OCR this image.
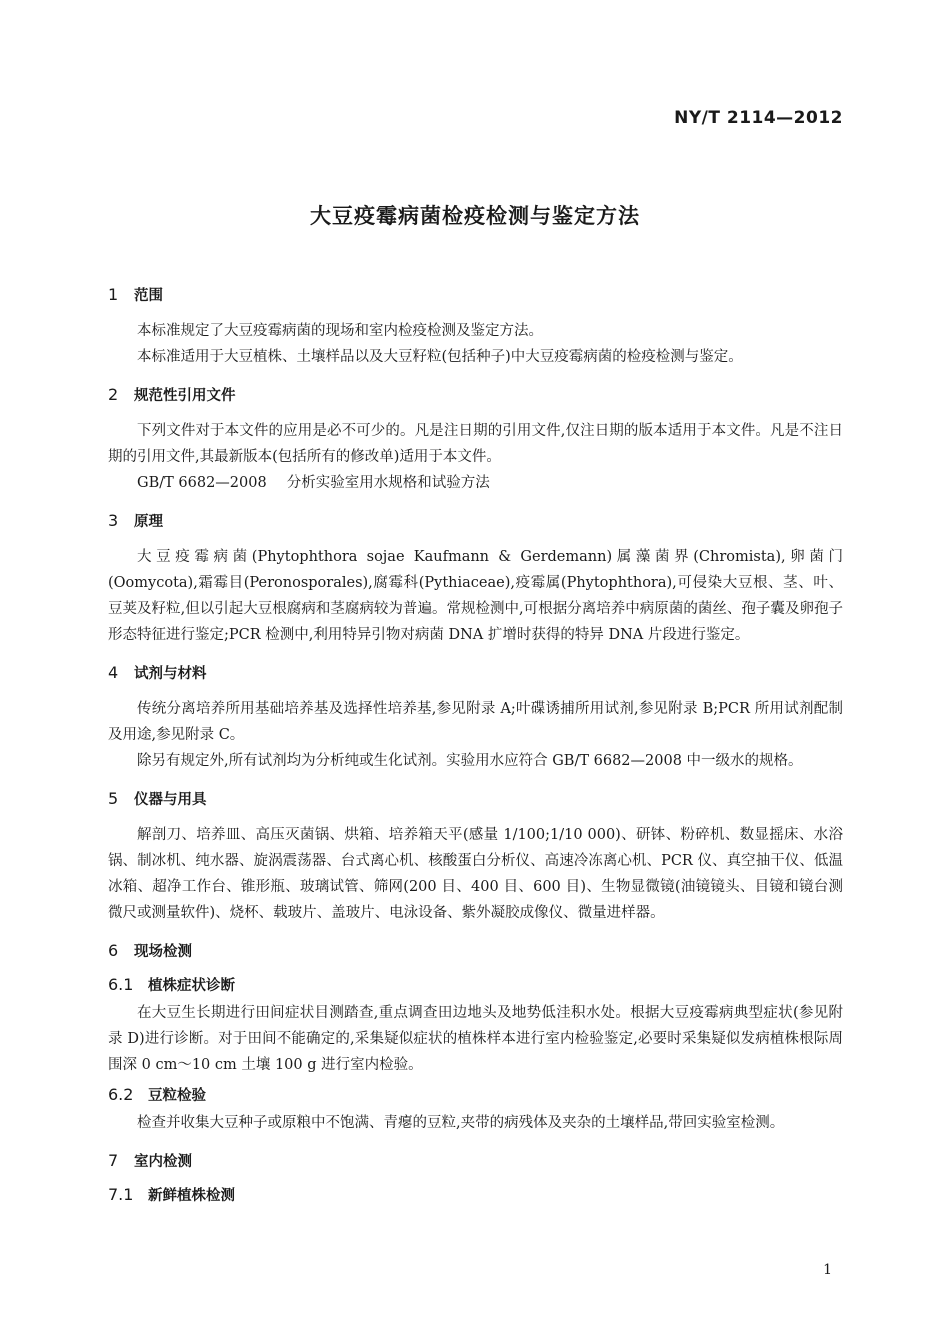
NY/T 2114—2012
大豆疫霉病菌检疫检测与鉴定方法
1	范围

本标准规定了大豆疫霉病菌的现场和室内检疫检测及鉴定方法。

本标准适用于大豆植株、土壤样品以及大豆籽粒(包括种子)中大豆疫霉病菌的检疫检测与鉴定。

2	规范性引用文件

下列文件对于本文件的应用是必不可少的。凡是注日期的引用文件,仅注日期的版本适用于本文件。凡是不注日期的引用文件,其最新版本(包括所有的修改单)适用于本文件。

GB/T 6682—2008 分析实验室用水规格和试验方法
3	原理

大豆疫霉病菌(Phytophthora sojae Kaufmann & Gerdemann)属藻菌界(Chromista),卵菌门(Oomycota),霜霉目(Peronosporales),腐霉科(Pythiaceae),疫霉属(Phytophthora),可侵染大豆根、茎、叶、豆荚及籽粒,但以引起大豆根腐病和茎腐病较为普遍。常规检测中,可根据分离培养中病原菌的菌丝、孢子囊及卵孢子形态特征进行鉴定;PCR 检测中,利用特异引物对病菌 DNA 扩增时获得的特异 DNA 片段进行鉴定。

4	试剂与材料

传统分离培养所用基础培养基及选择性培养基,参见附录 A;叶碟诱捕所用试剂,参见附录 B;PCR 所用试剂配制及用途,参见附录 C。

除另有规定外,所有试剂均为分析纯或生化试剂。实验用水应符合 GB/T 6682—2008 中一级水的规格。

5	仪器与用具

解剖刀、培养皿、高压灭菌锅、烘箱、培养箱天平(感量 1/100;1/10 000)、研钵、粉碎机、数显摇床、水浴锅、制冰机、纯水器、旋涡震荡器、台式离心机、核酸蛋白分析仪、高速冷冻离心机、PCR 仪、真空抽干仪、低温冰箱、超净工作台、锥形瓶、玻璃试管、筛网(200 目、400 目、600 目)、生物显微镜(油镜镜头、目镜和镜台测微尺或测量软件)、烧杯、载玻片、盖玻片、电泳设备、紫外凝胶成像仪、微量进样器。

6	现场检测
6.1	植株症状诊断

在大豆生长期进行田间症状目测踏查,重点调查田边地头及地势低洼积水处。根据大豆疫霉病典型症状(参见附录 D)进行诊断。对于田间不能确定的,采集疑似症状的植株样本进行室内检验鉴定,必要时采集疑似发病植株根际周围深 0 cm～10 cm 土壤 100 g 进行室内检验。

6.2	豆粒检验

检查并收集大豆种子或原粮中不饱满、青瘪的豆粒,夹带的病残体及夹杂的土壤样品,带回实验室检测。

7	室内检测
7.1	新鲜植株检测
1
